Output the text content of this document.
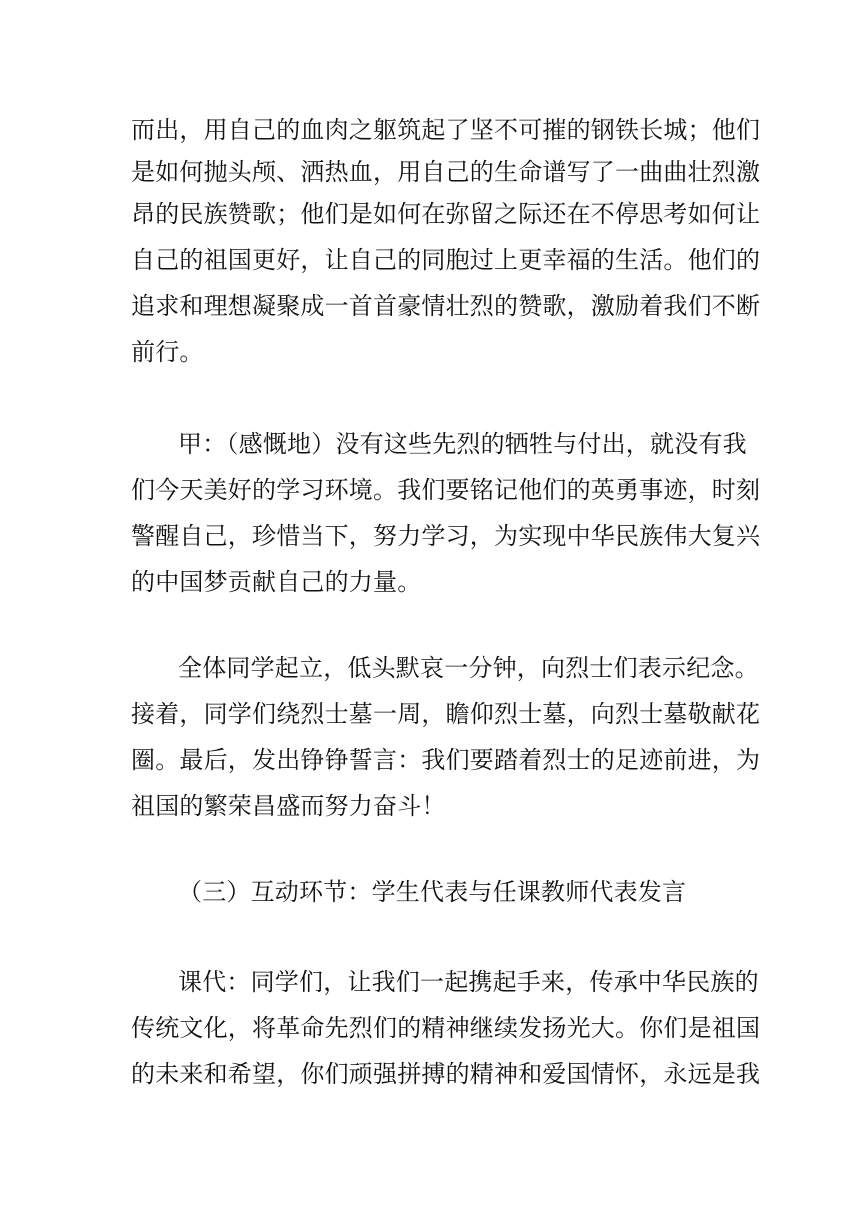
而出，用自己的血肉之躯筑起了坚不可摧的钢铁长城；他们
是如何抛头颅、洒热血，用自己的生命谱写了一曲曲壮烈激
昂的民族赞歌；他们是如何在弥留之际还在不停思考如何让
自己的祖国更好，让自己的同胞过上更幸福的生活。他们的
追求和理想凝聚成一首首豪情壮烈的赞歌，激励着我们不断
前行。
甲：（感慨地）没有这些先烈的牺牲与付出，就没有我
们今天美好的学习环境。我们要铭记他们的英勇事迹，时刻
警醒自己，珍惜当下，努力学习，为实现中华民族伟大复兴
的中国梦贡献自己的力量。
全体同学起立，低头默哀一分钟，向烈士们表示纪念。
接着，同学们绕烈士墓一周，瞻仰烈士墓，向烈士墓敬献花
圈。最后，发出铮铮誓言：我们要踏着烈士的足迹前进，为
祖国的繁荣昌盛而努力奋斗！
（三）互动环节：学生代表与任课教师代表发言
课代：同学们，让我们一起携起手来，传承中华民族的
传统文化，将革命先烈们的精神继续发扬光大。你们是祖国
的未来和希望，你们顽强拼搏的精神和爱国情怀，永远是我
